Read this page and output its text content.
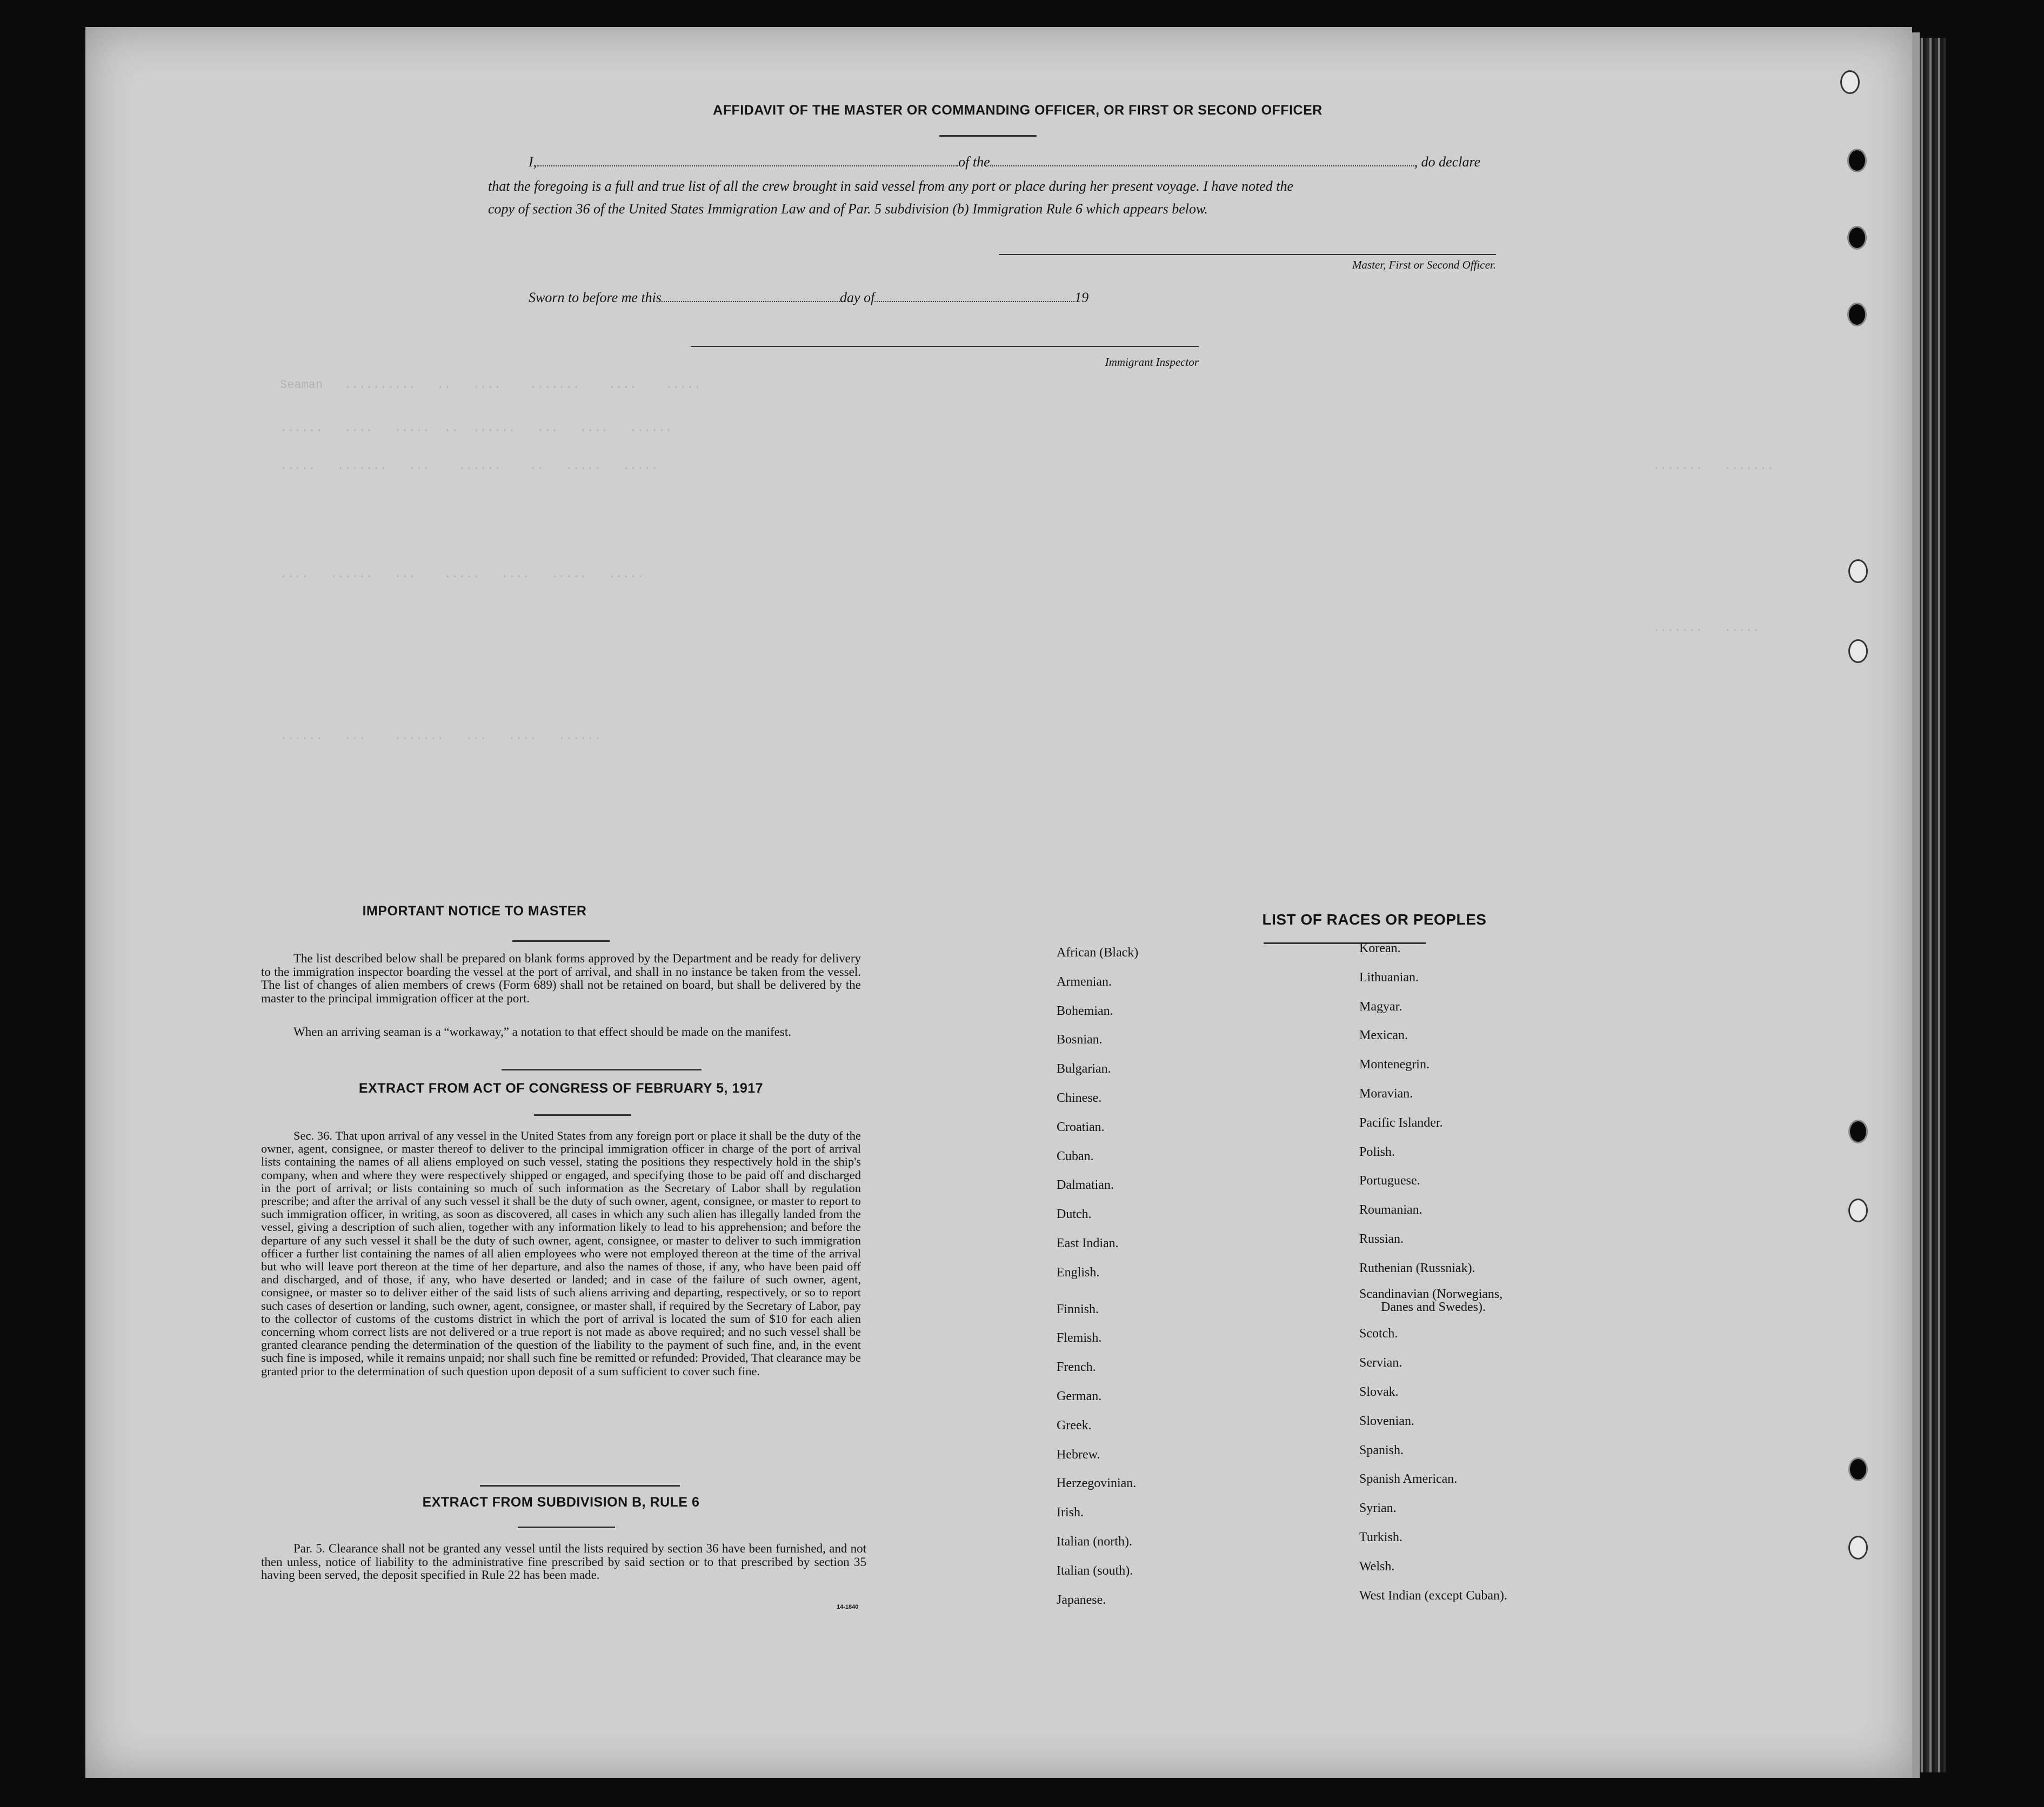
Seaman   ..........   ..   ....    .......    ....    .....
......   ....   .....  ..  ......   ...   ....   ......
.....   .......   ...    ......    ..   .....   .....
....   ......   ...    .....   ....   .....   .....
......   ...    .......   ...   ....   ......
.......   .......
.......   .....
AFFIDAVIT OF THE MASTER OR COMMANDING OFFICER, OR FIRST OR SECOND OFFICER
I,	of the	, do declare
that the foregoing is a full and true list of all the crew brought in said vessel from any port or place during her present voyage. I have noted the
copy of section 36 of the United States Immigration Law and of Par. 5 subdivision (b) Immigration Rule 6 which appears below.
Master, First or Second Officer.
Sworn to before me this	day of	19
Immigrant Inspector
IMPORTANT NOTICE TO MASTER
The list described below shall be prepared on blank forms approved by the Department and be ready for delivery to the immigration inspector boarding the vessel at the port of arrival, and shall in no instance be taken from the vessel. The list of changes of alien members of crews (Form 689) shall not be retained on board, but shall be delivered by the master to the principal immigration officer at the port.
When an arriving seaman is a “workaway,” a notation to that effect should be made on the manifest.
EXTRACT FROM ACT OF CONGRESS OF FEBRUARY 5, 1917
Sec. 36. That upon arrival of any vessel in the United States from any foreign port or place it shall be the duty of the owner, agent, consignee, or master thereof to deliver to the principal immigration officer in charge of the port of arrival lists containing the names of all aliens employed on such vessel, stating the positions they respectively hold in the ship's company, when and where they were respectively shipped or engaged, and specifying those to be paid off and discharged in the port of arrival; or lists containing so much of such information as the Secretary of Labor shall by regulation prescribe; and after the arrival of any such vessel it shall be the duty of such owner, agent, consignee, or master to report to such immigration officer, in writing, as soon as discovered, all cases in which any such alien has illegally landed from the vessel, giving a description of such alien, together with any information likely to lead to his apprehension; and before the departure of any such vessel it shall be the duty of such owner, agent, consignee, or master to deliver to such immigration officer a further list containing the names of all alien employees who were not employed thereon at the time of the arrival but who will leave port thereon at the time of her departure, and also the names of those, if any, who have been paid off and discharged, and of those, if any, who have deserted or landed; and in case of the failure of such owner, agent, consignee, or master so to deliver either of the said lists of such aliens arriving and departing, respectively, or so to report such cases of desertion or landing, such owner, agent, consignee, or master shall, if required by the Secretary of Labor, pay to the collector of customs of the customs district in which the port of arrival is located the sum of $10 for each alien concerning whom correct lists are not delivered or a true report is not made as above required; and no such vessel shall be granted clearance pending the determination of the question of the liability to the payment of such fine, and, in the event such fine is imposed, while it remains unpaid; nor shall such fine be remitted or refunded: Provided, That clearance may be granted prior to the determination of such question upon deposit of a sum sufficient to cover such fine.
EXTRACT FROM SUBDIVISION B, RULE 6
Par. 5. Clearance shall not be granted any vessel until the lists required by section 36 have been furnished, and not then unless, notice of liability to the administrative fine prescribed by said section or to that prescribed by section 35 having been served, the deposit specified in Rule 22 has been made.
14-1840
LIST OF RACES OR PEOPLES
African (Black)
Armenian.
Bohemian.
Bosnian.
Bulgarian.
Chinese.
Croatian.
Cuban.
Dalmatian.
Dutch.
East Indian.
English.
Finnish.
Flemish.
French.
German.
Greek.
Hebrew.
Herzegovinian.
Irish.
Italian (north).
Italian (south).
Japanese.
Korean.
Lithuanian.
Magyar.
Mexican.
Montenegrin.
Moravian.
Pacific Islander.
Polish.
Portuguese.
Roumanian.
Russian.
Ruthenian (Russniak).
Scandinavian (Norwegians,
Danes and Swedes).
Scotch.
Servian.
Slovak.
Slovenian.
Spanish.
Spanish American.
Syrian.
Turkish.
Welsh.
West Indian (except Cuban).
